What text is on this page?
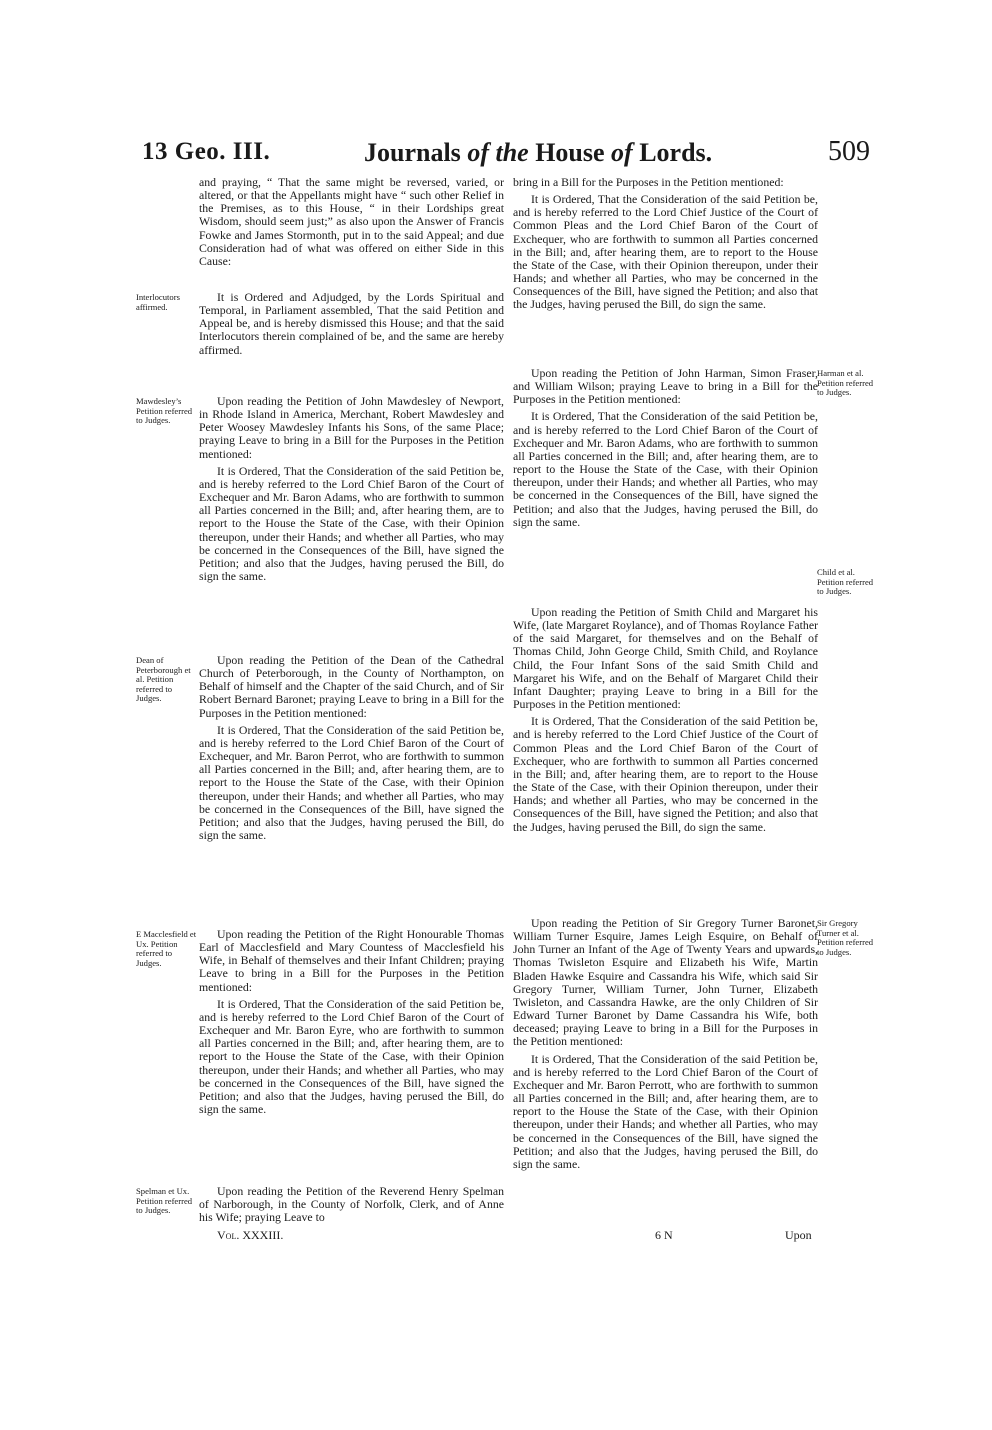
13 Geo. III.	Journals of the House of Lords.	509

and praying, “ That the same might be reversed, varied, or altered, or that the Appellants might have “ such other Relief in the Premises, as to this House, “ in their Lordships great Wisdom, should seem just;” as also upon the Answer of Francis Fowke and James Stormonth, put in to the said Appeal; and due Consideration had of what was offered on either Side in this Cause:

It is Ordered and Adjudged, by the Lords Spiritual and Temporal, in Parliament assembled, That the said Petition and Appeal be, and is hereby dismissed this House; and that the said Interlocutors therein complained of be, and the same are hereby affirmed.

Interlocutors affirmed.

Upon reading the Petition of John Mawdesley of Newport, in Rhode Island in America, Merchant, Robert Mawdesley and Peter Woosey Mawdesley Infants his Sons, of the same Place; praying Leave to bring in a Bill for the Purposes in the Petition mentioned:

It is Ordered, That the Consideration of the said Petition be, and is hereby referred to the Lord Chief Baron of the Court of Exchequer and Mr. Baron Adams, who are forthwith to summon all Parties concerned in the Bill; and, after hearing them, are to report to the House the State of the Case, with their Opinion thereupon, under their Hands; and whether all Parties, who may be concerned in the Consequences of the Bill, have signed the Petition; and also that the Judges, having perused the Bill, do sign the same.

Mawdesley’s Petition referred to Judges.

Upon reading the Petition of the Dean of the Cathedral Church of Peterborough, in the County of Northampton, on Behalf of himself and the Chapter of the said Church, and of Sir Robert Bernard Baronet; praying Leave to bring in a Bill for the Purposes in the Petition mentioned:

It is Ordered, That the Consideration of the said Petition be, and is hereby referred to the Lord Chief Baron of the Court of Exchequer, and Mr. Baron Perrot, who are forthwith to summon all Parties concerned in the Bill; and, after hearing them, are to report to the House the State of the Case, with their Opinion thereupon, under their Hands; and whether all Parties, who may be concerned in the Consequences of the Bill, have signed the Petition; and also that the Judges, having perused the Bill, do sign the same.

Dean of Peterborough et al. Petition referred to Judges.

Upon reading the Petition of the Right Honourable Thomas Earl of Macclesfield and Mary Countess of Macclesfield his Wife, in Behalf of themselves and their Infant Children; praying Leave to bring in a Bill for the Purposes in the Petition mentioned:

It is Ordered, That the Consideration of the said Petition be, and is hereby referred to the Lord Chief Baron of the Court of Exchequer and Mr. Baron Eyre, who are forthwith to summon all Parties concerned in the Bill; and, after hearing them, are to report to the House the State of the Case, with their Opinion thereupon, under their Hands; and whether all Parties, who may be concerned in the Consequences of the Bill, have signed the Petition; and also that the Judges, having perused the Bill, do sign the same.

E Macclesfield et Ux. Petition referred to Judges.

Upon reading the Petition of the Reverend Henry Spelman of Narborough, in the County of Norfolk, Clerk, and of Anne his Wife; praying Leave to

Spelman et Ux. Petition referred to Judges.

bring in a Bill for the Purposes in the Petition mentioned:

It is Ordered, That the Consideration of the said Petition be, and is hereby referred to the Lord Chief Justice of the Court of Common Pleas and the Lord Chief Baron of the Court of Exchequer, who are forthwith to summon all Parties concerned in the Bill; and, after hearing them, are to report to the House the State of the Case, with their Opinion thereupon, under their Hands; and whether all Parties, who may be concerned in the Consequences of the Bill, have signed the Petition; and also that the Judges, having perused the Bill, do sign the same.

Upon reading the Petition of John Harman, Simon Fraser, and William Wilson; praying Leave to bring in a Bill for the Purposes in the Petition mentioned:

It is Ordered, That the Consideration of the said Petition be, and is hereby referred to the Lord Chief Baron of the Court of Exchequer and Mr. Baron Adams, who are forthwith to summon all Parties concerned in the Bill; and, after hearing them, are to report to the House the State of the Case, with their Opinion thereupon, under their Hands; and whether all Parties, who may be concerned in the Consequences of the Bill, have signed the Petition; and also that the Judges, having perused the Bill, do sign the same.

Harman et al. Petition referred to Judges.

Upon reading the Petition of Smith Child and Margaret his Wife, (late Margaret Roylance), and of Thomas Roylance Father of the said Margaret, for themselves and on the Behalf of Thomas Child, John George Child, Smith Child, and Roylance Child, the Four Infant Sons of the said Smith Child and Margaret his Wife, and on the Behalf of Margaret Child their Infant Daughter; praying Leave to bring in a Bill for the Purposes in the Petition mentioned:

It is Ordered, That the Consideration of the said Petition be, and is hereby referred to the Lord Chief Justice of the Court of Common Pleas and the Lord Chief Baron of the Court of Exchequer, who are forthwith to summon all Parties concerned in the Bill; and, after hearing them, are to report to the House the State of the Case, with their Opinion thereupon, under their Hands; and whether all Parties, who may be concerned in the Consequences of the Bill, have signed the Petition; and also that the Judges, having perused the Bill, do sign the same.

Child et al. Petition referred to Judges.

Upon reading the Petition of Sir Gregory Turner Baronet, William Turner Esquire, James Leigh Esquire, on Behalf of John Turner an Infant of the Age of Twenty Years and upwards, Thomas Twisleton Esquire and Elizabeth his Wife, Martin Bladen Hawke Esquire and Cassandra his Wife, which said Sir Gregory Turner, William Turner, John Turner, Elizabeth Twisleton, and Cassandra Hawke, are the only Children of Sir Edward Turner Baronet by Dame Cassandra his Wife, both deceased; praying Leave to bring in a Bill for the Purposes in the Petition mentioned:

It is Ordered, That the Consideration of the said Petition be, and is hereby referred to the Lord Chief Baron of the Court of Exchequer and Mr. Baron Perrott, who are forthwith to summon all Parties concerned in the Bill; and, after hearing them, are to report to the House the State of the Case, with their Opinion thereupon, under their Hands; and whether all Parties, who may be concerned in the Consequences of the Bill, have signed the Petition; and also that the Judges, having perused the Bill, do sign the same.

Sir Gregory Turner et al. Petition referred to Judges.
Vol. XXXIII.	6 N	Upon
